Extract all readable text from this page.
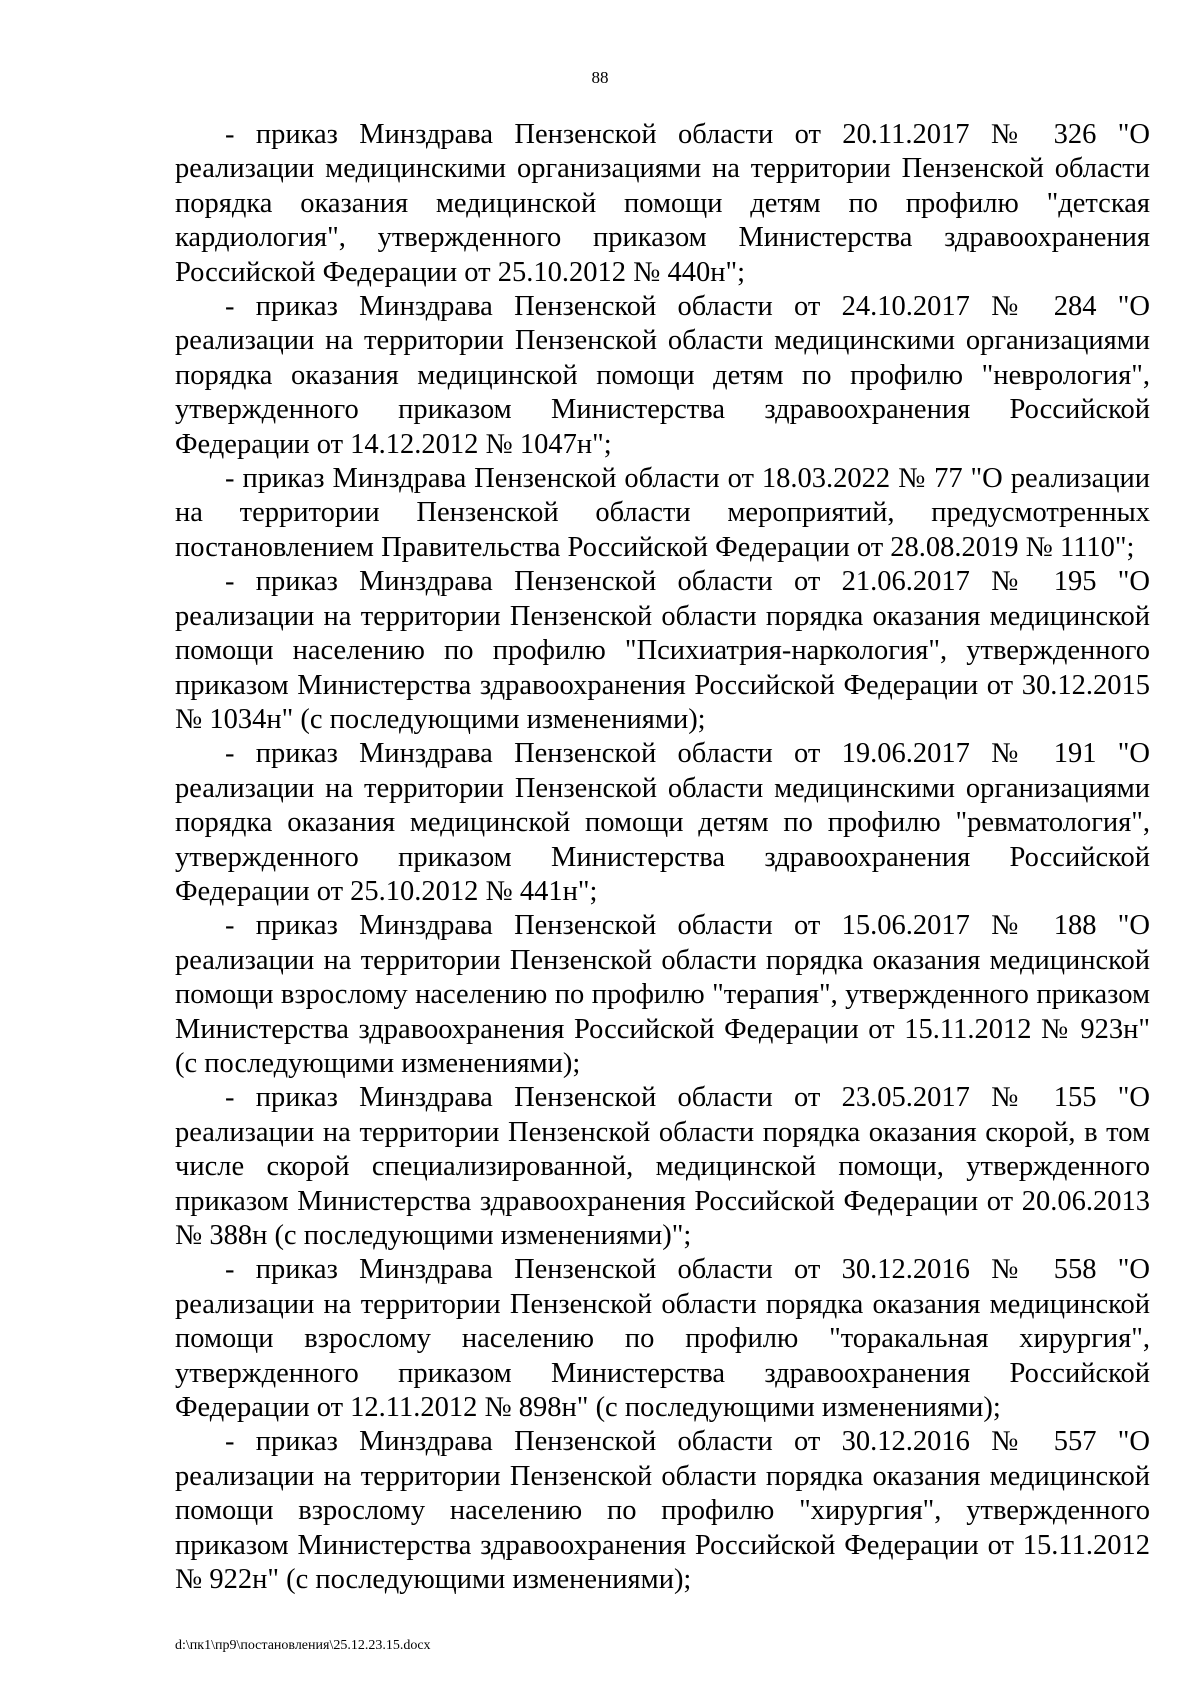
88

- приказ Минздрава Пензенской области от 20.11.2017 № 326 "О реализации медицинскими организациями на территории Пензенской области порядка оказания медицинской помощи детям по профилю "детская кардиология", утвержденного приказом Министерства здравоохранения Российской Федерации от 25.10.2012 № 440н";

- приказ Минздрава Пензенской области от 24.10.2017 № 284 "О реализации на территории Пензенской области медицинскими организациями порядка оказания медицинской помощи детям по профилю "неврология", утвержденного приказом Министерства здравоохранения Российской Федерации от 14.12.2012 № 1047н";

- приказ Минздрава Пензенской области от 18.03.2022 № 77 "О реализации на территории Пензенской области мероприятий, предусмотренных постановлением Правительства Российской Федерации от 28.08.2019 № 1110";

- приказ Минздрава Пензенской области от 21.06.2017 № 195 "О реализации на территории Пензенской области порядка оказания медицинской помощи населению по профилю "Психиатрия-наркология", утвержденного приказом Министерства здравоохранения Российской Федерации от 30.12.2015 № 1034н" (с последующими изменениями);

- приказ Минздрава Пензенской области от 19.06.2017 № 191 "О реализации на территории Пензенской области медицинскими организациями порядка оказания медицинской помощи детям по профилю "ревматология", утвержденного приказом Министерства здравоохранения Российской Федерации от 25.10.2012 № 441н";

- приказ Минздрава Пензенской области от 15.06.2017 № 188 "О реализации на территории Пензенской области порядка оказания медицинской помощи взрослому населению по профилю "терапия", утвержденного приказом Министерства здравоохранения Российской Федерации от 15.11.2012 № 923н" (с последующими изменениями);

- приказ Минздрава Пензенской области от 23.05.2017 № 155 "О реализации на территории Пензенской области порядка оказания скорой, в том числе скорой специализированной, медицинской помощи, утвержденного приказом Министерства здравоохранения Российской Федерации от 20.06.2013 № 388н (с последующими изменениями)";

- приказ Минздрава Пензенской области от 30.12.2016 № 558 "О реализации на территории Пензенской области порядка оказания медицинской помощи взрослому населению по профилю "торакальная хирургия", утвержденного приказом Министерства здравоохранения Российской Федерации от 12.11.2012 № 898н" (с последующими изменениями);

- приказ Минздрава Пензенской области от 30.12.2016 № 557 "О реализации на территории Пензенской области порядка оказания медицинской помощи взрослому населению по профилю "хирургия", утвержденного приказом Министерства здравоохранения Российской Федерации от 15.11.2012 № 922н" (с последующими изменениями);

d:\пк1\пр9\постановления\25.12.23.15.docx
